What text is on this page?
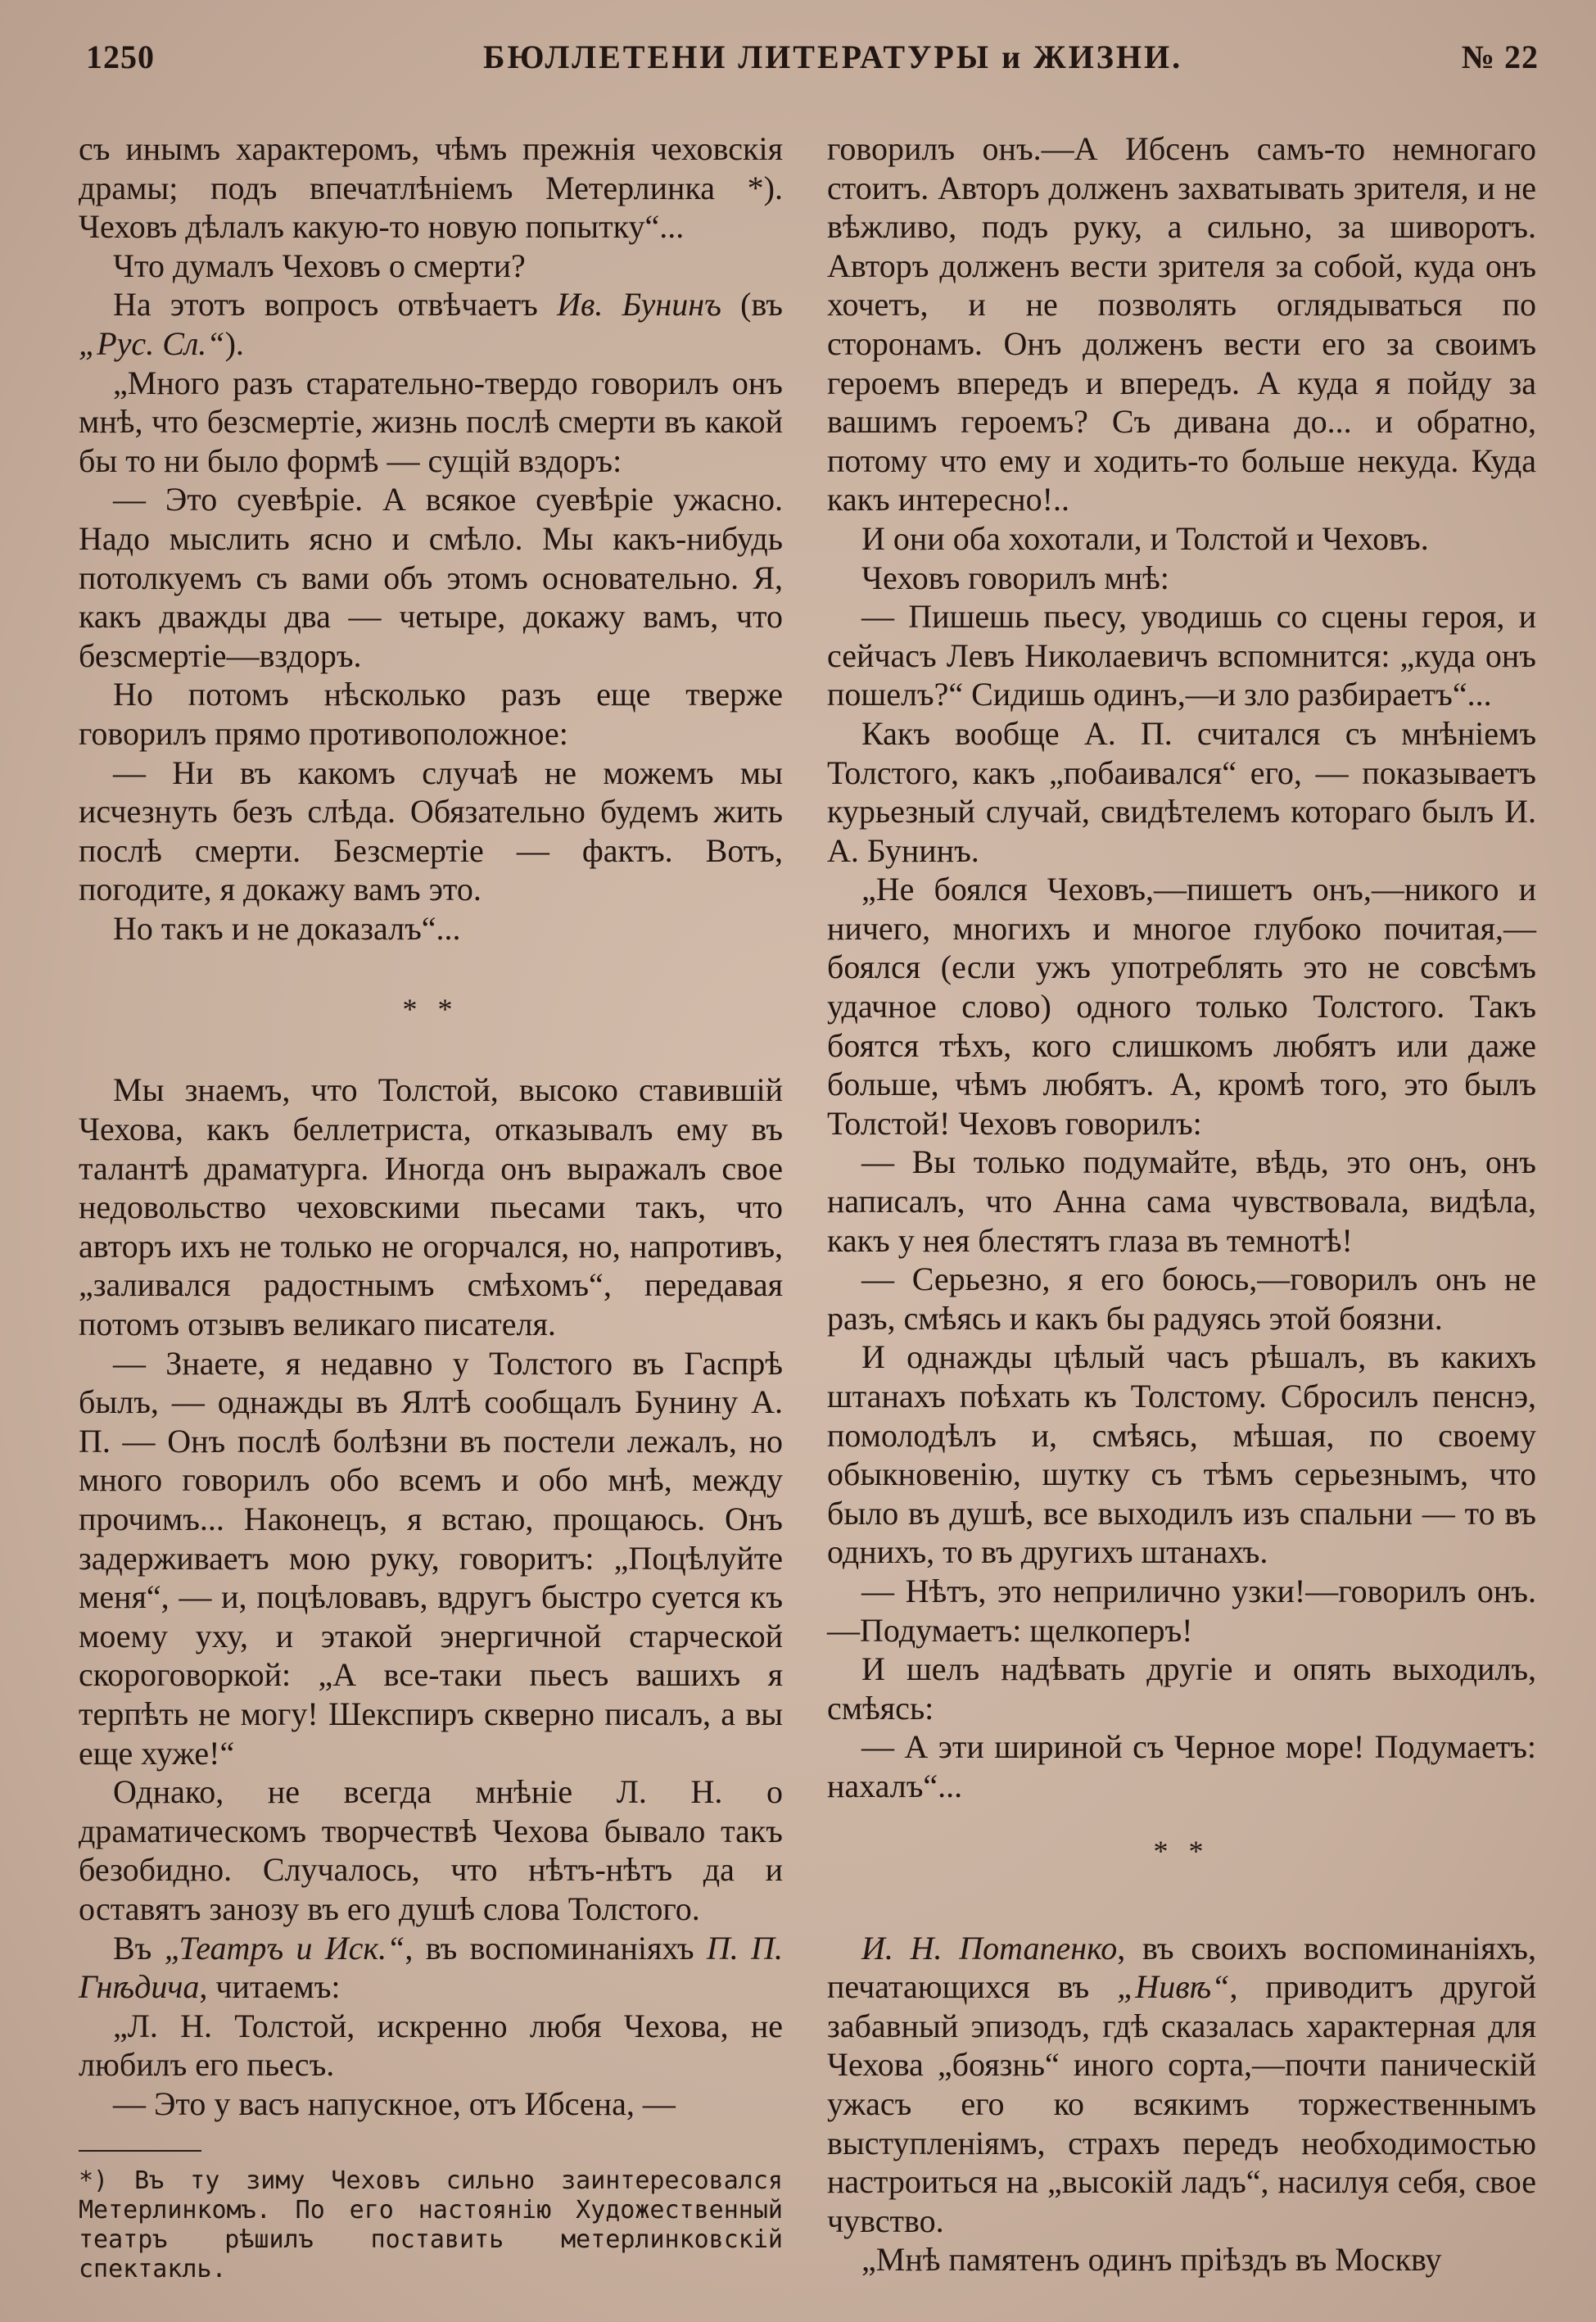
1250	БЮЛЛЕТЕНИ ЛИТЕРАТУРЫ и ЖИЗНИ.	№ 22

съ инымъ характеромъ, чѣмъ прежнія чеховскія драмы; подъ впечатлѣніемъ Метерлинка *). Чеховъ дѣлалъ какую-то новую попытку“...

Что думалъ Чеховъ о смерти?

На этотъ вопросъ отвѣчаетъ Ив. Бунинъ (въ „Рус. Сл.“).

„Много разъ старательно-твердо говорилъ онъ мнѣ, что безсмертіе, жизнь послѣ смерти въ какой бы то ни было формѣ — сущій вздоръ:

— Это суевѣріе. А всякое суевѣріе ужасно. Надо мыслить ясно и смѣло. Мы какъ-нибудь потолкуемъ съ вами объ этомъ основательно. Я, какъ дважды два — четыре, докажу вамъ, что безсмертіе—вздоръ.

Но потомъ нѣсколько разъ еще тверже говорилъ прямо противоположное:

— Ни въ какомъ случаѣ не можемъ мы исчезнуть безъ слѣда. Обязательно будемъ жить послѣ смерти. Безсмертіе — фактъ. Вотъ, погодите, я докажу вамъ это.

Но такъ и не доказалъ“...

* *

Мы знаемъ, что Толстой, высоко ставившій Чехова, какъ беллетриста, отказывалъ ему въ талантѣ драматурга. Иногда онъ выражалъ свое недовольство чеховскими пьесами такъ, что авторъ ихъ не только не огорчался, но, напротивъ, „заливался радостнымъ смѣхомъ“, передавая потомъ отзывъ великаго писателя.

— Знаете, я недавно у Толстого въ Гаспрѣ былъ, — однажды въ Ялтѣ сообщалъ Бунину А. П. — Онъ послѣ болѣзни въ постели лежалъ, но много говорилъ обо всемъ и обо мнѣ, между прочимъ... Наконецъ, я встаю, прощаюсь. Онъ задерживаетъ мою руку, говоритъ: „Поцѣлуйте меня“, — и, поцѣловавъ, вдругъ быстро суется къ моему уху, и этакой энергичной старческой скороговоркой: „А все-таки пьесъ вашихъ я терпѣть не могу! Шекспиръ скверно писалъ, а вы еще хуже!“

Однако, не всегда мнѣніе Л. Н. о драматическомъ творчествѣ Чехова бывало такъ безобидно. Случалось, что нѣтъ-нѣтъ да и оставятъ занозу въ его душѣ слова Толстого.

Въ „Театръ и Иск.“, въ воспоминаніяхъ П. П. Гнѣдича, читаемъ:

„Л. Н. Толстой, искренно любя Чехова, не любилъ его пьесъ.

— Это у васъ напускное, отъ Ибсена, —

*) Въ ту зиму Чеховъ сильно заинтересовался Метерлинкомъ. По его настоянію Художественный театръ рѣшилъ поставить метерлинковскій спектакль.

говорилъ онъ.—А Ибсенъ самъ-то немногаго стоитъ. Авторъ долженъ захватывать зрителя, и не вѣжливо, подъ руку, а сильно, за шиворотъ. Авторъ долженъ вести зрителя за собой, куда онъ хочетъ, и не позволять оглядываться по сторонамъ. Онъ долженъ вести его за своимъ героемъ впередъ и впередъ. А куда я пойду за вашимъ героемъ? Съ дивана до... и обратно, потому что ему и ходить-то больше некуда. Куда какъ интересно!..

И они оба хохотали, и Толстой и Чеховъ.

Чеховъ говорилъ мнѣ:

— Пишешь пьесу, уводишь со сцены героя, и сейчасъ Левъ Николаевичъ вспомнится: „куда онъ пошелъ?“ Сидишь одинъ,—и зло разбираетъ“...

Какъ вообще А. П. считался съ мнѣніемъ Толстого, какъ „побаивался“ его, — показываетъ курьезный случай, свидѣтелемъ котораго былъ И. А. Бунинъ.

„Не боялся Чеховъ,—пишетъ онъ,—никого и ничего, многихъ и многое глубоко почитая,— боялся (если ужъ употреблять это не совсѣмъ удачное слово) одного только Толстого. Такъ боятся тѣхъ, кого слишкомъ любятъ или даже больше, чѣмъ любятъ. А, кромѣ того, это былъ Толстой! Чеховъ говорилъ:

— Вы только подумайте, вѣдь, это онъ, онъ написалъ, что Анна сама чувствовала, видѣла, какъ у нея блестятъ глаза въ темнотѣ!

— Серьезно, я его боюсь,—говорилъ онъ не разъ, смѣясь и какъ бы радуясь этой боязни.

И однажды цѣлый часъ рѣшалъ, въ какихъ штанахъ поѣхать къ Толстому. Сбросилъ пенснэ, помолодѣлъ и, смѣясь, мѣшая, по своему обыкновенію, шутку съ тѣмъ серьезнымъ, что было въ душѣ, все выходилъ изъ спальни — то въ однихъ, то въ другихъ штанахъ.

— Нѣтъ, это неприлично узки!—говорилъ онъ.—Подумаетъ: щелкоперъ!

И шелъ надѣвать другіе и опять выходилъ, смѣясь:

— А эти шириной съ Черное море! Подумаетъ: нахалъ“...

* *

И. Н. Потапенко, въ своихъ воспоминаніяхъ, печатающихся въ „Нивѣ“, приводитъ другой забавный эпизодъ, гдѣ сказалась характерная для Чехова „боязнь“ иного сорта,—почти паническій ужасъ его ко всякимъ торжественнымъ выступленіямъ, страхъ передъ необходимостью настроиться на „высокій ладъ“, насилуя себя, свое чувство.

„Мнѣ памятенъ одинъ пріѣздъ въ Москву
